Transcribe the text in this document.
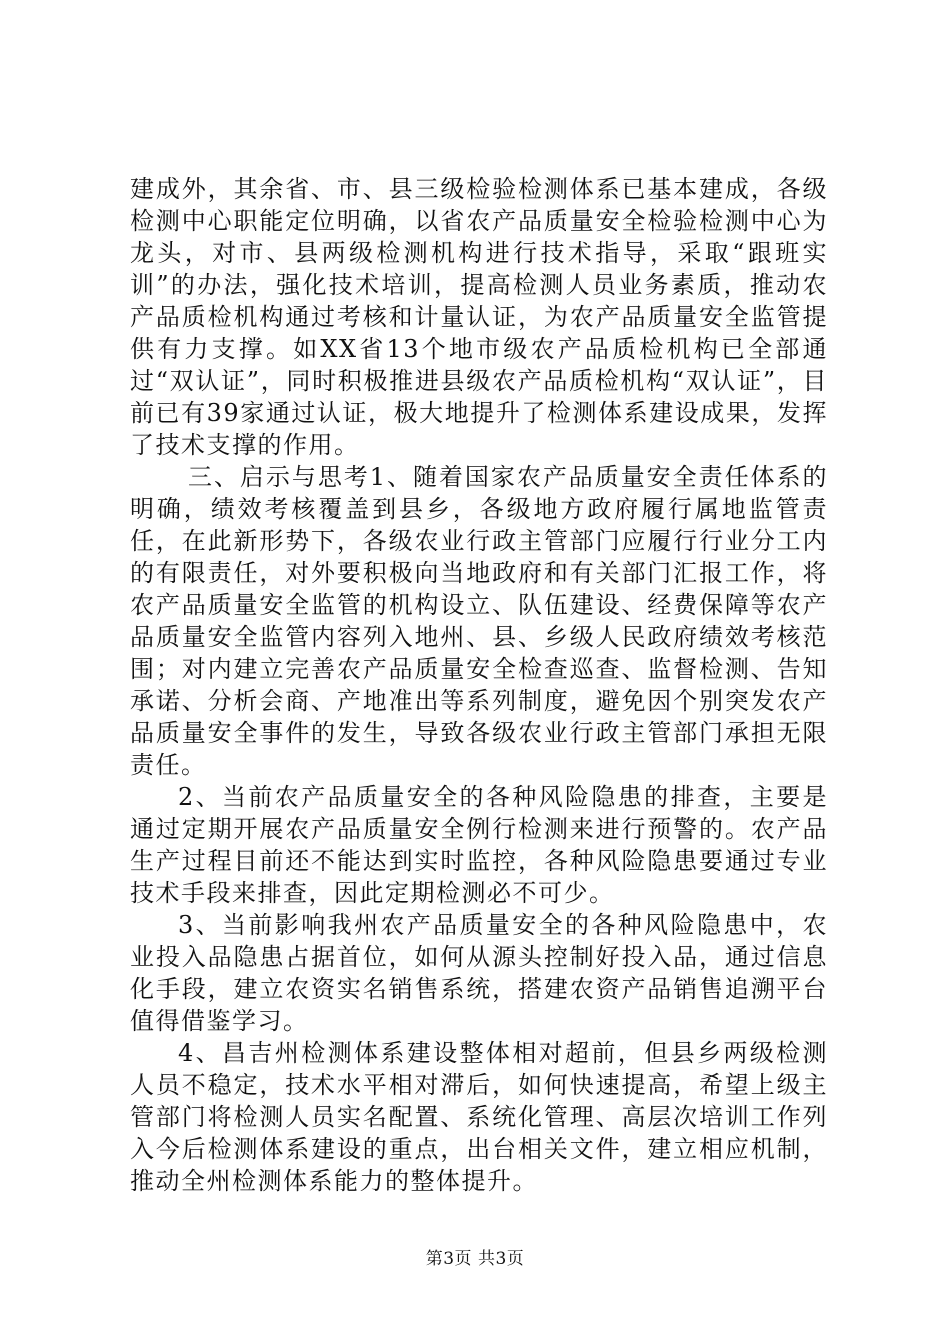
建成外，其余省、市、县三级检验检测体系已基本建成，各级检测中心职能定位明确，以省农产品质量安全检验检测中心为龙头，对市、县两级检测机构进行技术指导，采取“跟班实训”的办法，强化技术培训，提高检测人员业务素质，推动农产品质检机构通过考核和计量认证，为农产品质量安全监管提供有力支撑。如XX省13个地市级农产品质检机构已全部通过“双认证”，同时积极推进县级农产品质检机构“双认证”，目前已有39家通过认证，极大地提升了检测体系建设成果，发挥了技术支撑的作用。

三、启示与思考1、随着国家农产品质量安全责任体系的明确，绩效考核覆盖到县乡，各级地方政府履行属地监管责任，在此新形势下，各级农业行政主管部门应履行行业分工内的有限责任，对外要积极向当地政府和有关部门汇报工作，将农产品质量安全监管的机构设立、队伍建设、经费保障等农产品质量安全监管内容列入地州、县、乡级人民政府绩效考核范围；对内建立完善农产品质量安全检查巡查、监督检测、告知承诺、分析会商、产地准出等系列制度，避免因个别突发农产品质量安全事件的发生，导致各级农业行政主管部门承担无限责任。

2、当前农产品质量安全的各种风险隐患的排查，主要是通过定期开展农产品质量安全例行检测来进行预警的。农产品生产过程目前还不能达到实时监控，各种风险隐患要通过专业技术手段来排查，因此定期检测必不可少。

3、当前影响我州农产品质量安全的各种风险隐患中，农业投入品隐患占据首位，如何从源头控制好投入品，通过信息化手段，建立农资实名销售系统，搭建农资产品销售追溯平台值得借鉴学习。

4、昌吉州检测体系建设整体相对超前，但县乡两级检测人员不稳定，技术水平相对滞后，如何快速提高，希望上级主管部门将检测人员实名配置、系统化管理、高层次培训工作列入今后检测体系建设的重点，出台相关文件，建立相应机制，推动全州检测体系能力的整体提升。

第3页 共3页
